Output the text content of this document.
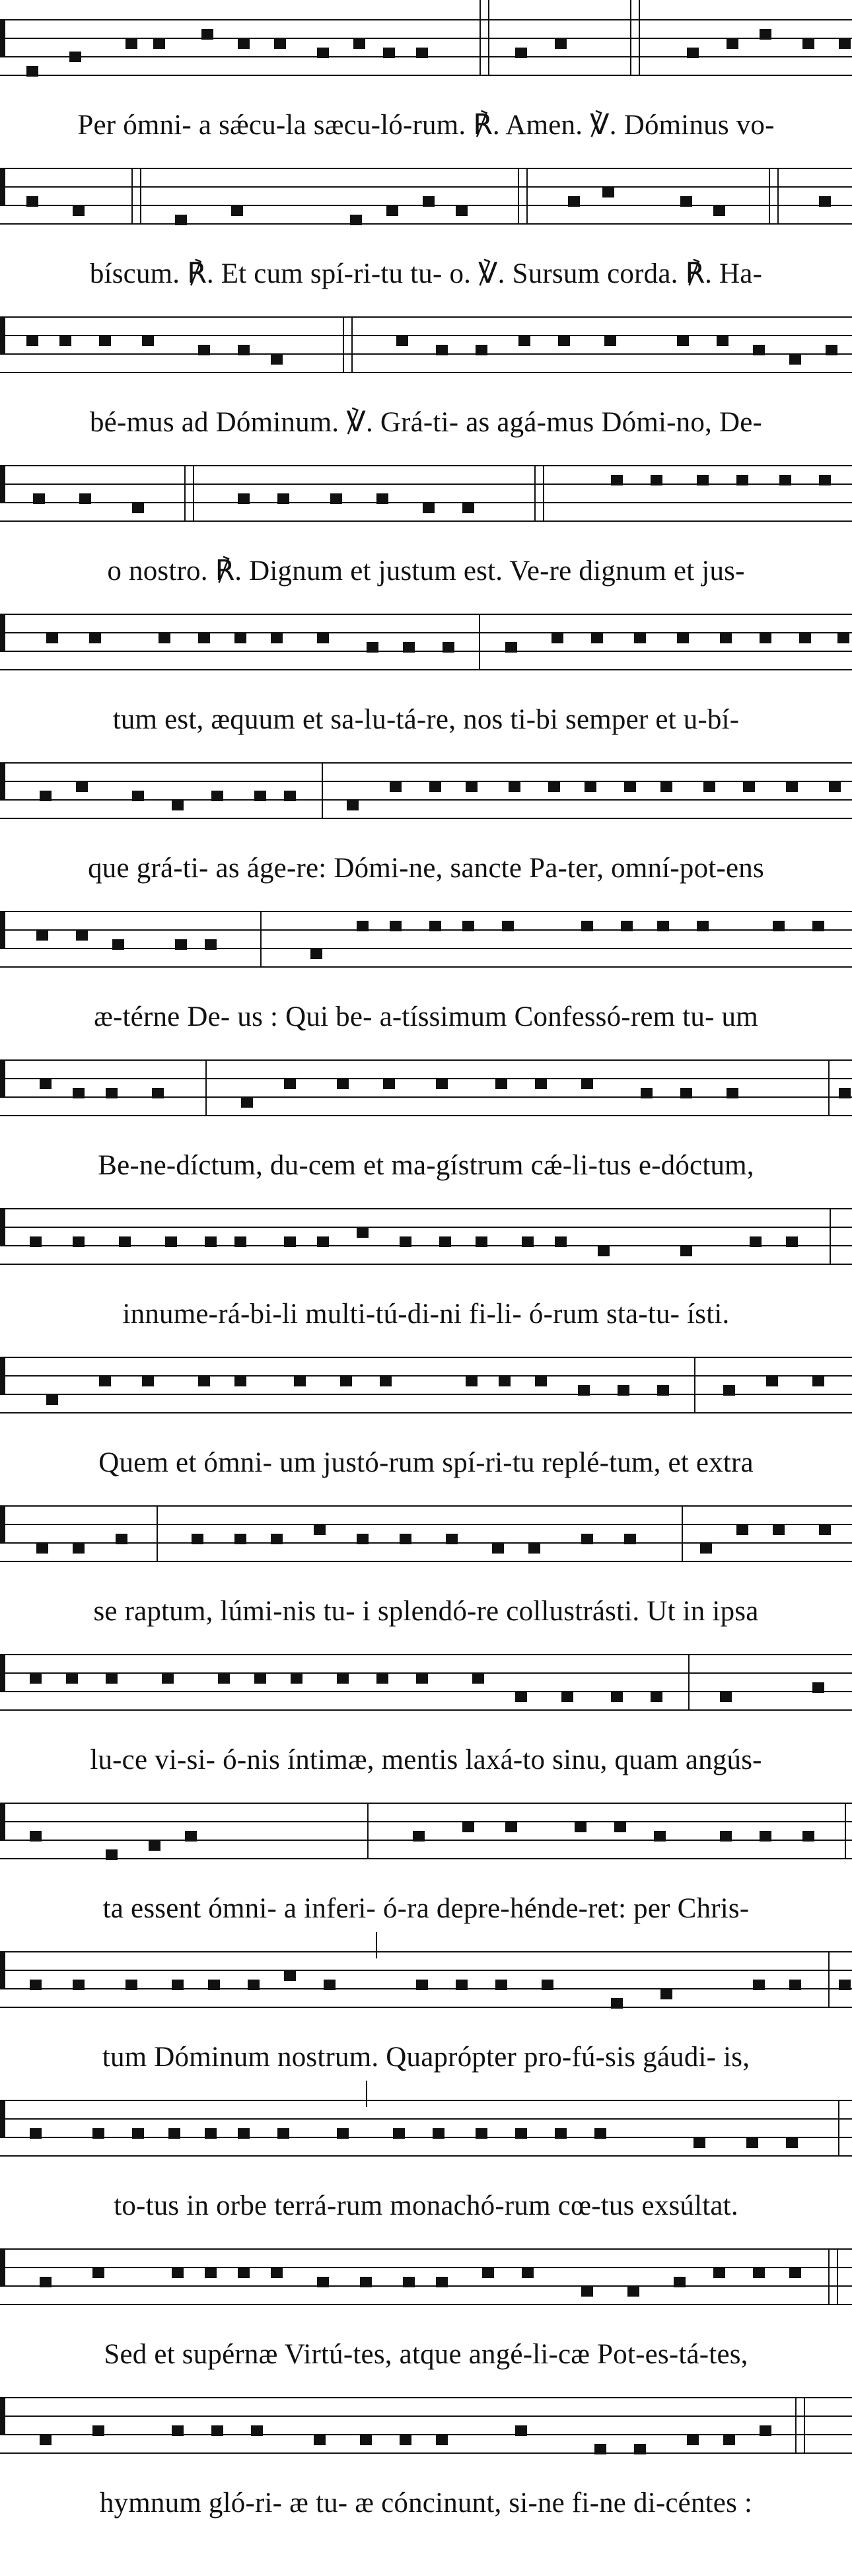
Per ómni- a sǽcu-la sæcu-ló-rum. ℟. Amen. ℣. Dóminus vo-
bíscum. ℟. Et cum spí-ri-tu tu- o. ℣. Sursum corda. ℟. Ha-
bé-mus ad Dóminum. ℣. Grá-ti- as agá-mus Dómi-no, De-
o nostro. ℟. Dignum et justum est. Ve-re dignum et jus-
tum est, æquum et sa-lu-tá-re, nos ti-bi semper et u-bí-
que grá-ti- as áge-re: Dómi-ne, sancte Pa-ter, omní-pot-ens
æ-térne De- us : Qui be- a-tíssimum Confessó-rem tu- um
Be-ne-díctum, du-cem et ma-gístrum cǽ-li-tus e-dóctum,
innume-rá-bi-li multi-tú-di-ni fi-li- ó-rum sta-tu- ísti.
Quem et ómni- um justó-rum spí-ri-tu replé-tum, et extra
se raptum, lúmi-nis tu- i splendó-re collustrásti. Ut in ipsa
lu-ce vi-si- ó-nis íntimæ, mentis laxá-to sinu, quam angús-
ta essent ómni- a inferi- ó-ra depre-hénde-ret: per Chris-
tum Dóminum nostrum. Quaprópter pro-fú-sis gáudi- is,
to-tus in orbe terrá-rum monachó-rum cœ-tus exsúltat.
Sed et supérnæ Virtú-tes, atque angé-li-cæ Pot-es-tá-tes,
hymnum gló-ri- æ tu- æ cóncinunt, si-ne fi-ne di-céntes :
